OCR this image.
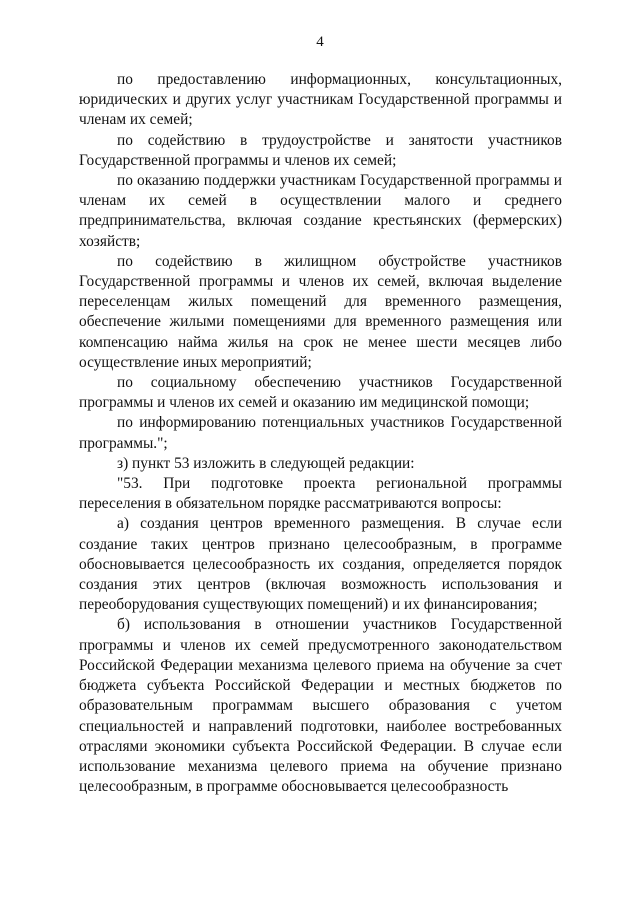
4

по предоставлению информационных, консультационных, юридических и других услуг участникам Государственной программы и членам их семей;

по содействию в трудоустройстве и занятости участников Государственной программы и членов их семей;

по оказанию поддержки участникам Государственной программы и членам их семей в осуществлении малого и среднего предпринимательства, включая создание крестьянских (фермерских) хозяйств;

по содействию в жилищном обустройстве участников Государственной программы и членов их семей, включая выделение переселенцам жилых помещений для временного размещения, обеспечение жилыми помещениями для временного размещения или компенсацию найма жилья на срок не менее шести месяцев либо осуществление иных мероприятий;

по социальному обеспечению участников Государственной программы и членов их семей и оказанию им медицинской помощи;

по информированию потенциальных участников Государственной программы.";

з) пункт 53 изложить в следующей редакции:

"53. При подготовке проекта региональной программы переселения в обязательном порядке рассматриваются вопросы:

а) создания центров временного размещения. В случае если создание таких центров признано целесообразным, в программе обосновывается целесообразность их создания, определяется порядок создания этих центров (включая возможность использования и переоборудования существующих помещений) и их финансирования;

б) использования в отношении участников Государственной программы и членов их семей предусмотренного законодательством Российской Федерации механизма целевого приема на обучение за счет бюджета субъекта Российской Федерации и местных бюджетов по образовательным программам высшего образования с учетом специальностей и направлений подготовки, наиболее востребованных отраслями экономики субъекта Российской Федерации. В случае если использование механизма целевого приема на обучение признано целесообразным, в программе обосновывается целесообразность
